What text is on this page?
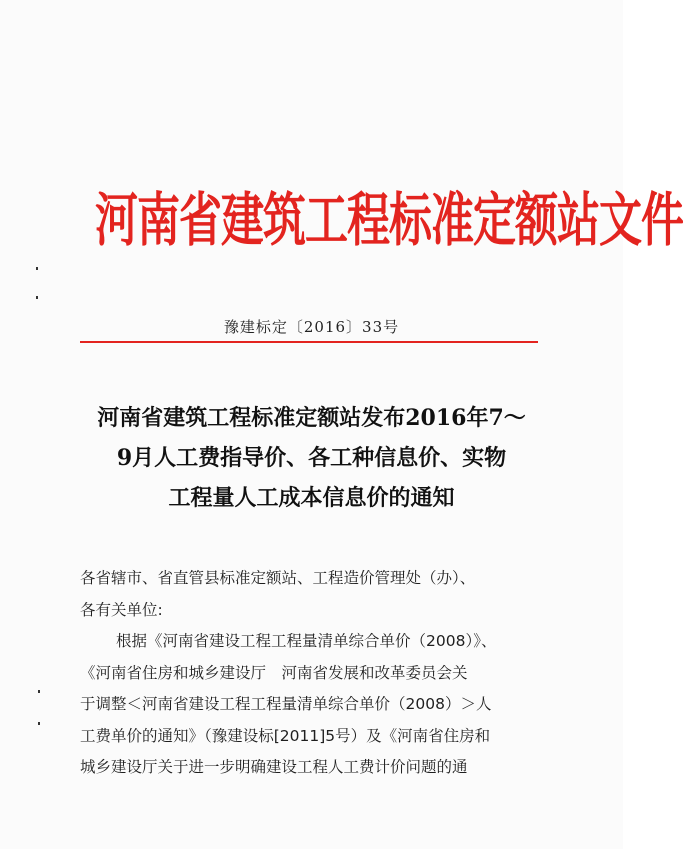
河南省建筑工程标准定额站文件
豫建标定〔2016〕33号
河南省建筑工程标准定额站发布2016年7～
9月人工费指导价、各工种信息价、实物
工程量人工成本信息价的通知
各省辖市、省直管县标准定额站、工程造价管理处（办）、
各有关单位:
根据《河南省建设工程工程量清单综合单价（2008）》、
《河南省住房和城乡建设厅　河南省发展和改革委员会关
于调整＜河南省建设工程工程量清单综合单价（2008）＞人
工费单价的通知》（豫建设标[2011]5号）及《河南省住房和
城乡建设厅关于进一步明确建设工程人工费计价问题的通
